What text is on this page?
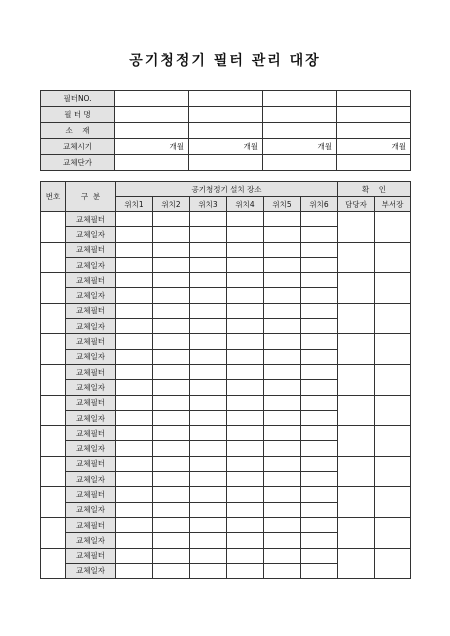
공기청정기 필터 관리 대장
필터NO.				
필 터 명				
소    재				
교체시기	개월	개월	개월	개월
교체단가				
번호	구  분	공기청정기 설치 장소						확    인	
		위치1	위치2	위치3	위치4	위치5	위치6	담당자	부서장
	교체필터								
	교체일자								
	교체필터								
	교체일자								
	교체필터								
	교체일자								
	교체필터								
	교체일자								
	교체필터								
	교체일자								
	교체필터								
	교체일자								
	교체필터								
	교체일자								
	교체필터								
	교체일자								
	교체필터								
	교체일자								
	교체필터								
	교체일자								
	교체필터								
	교체일자								
	교체필터								
	교체일자								
